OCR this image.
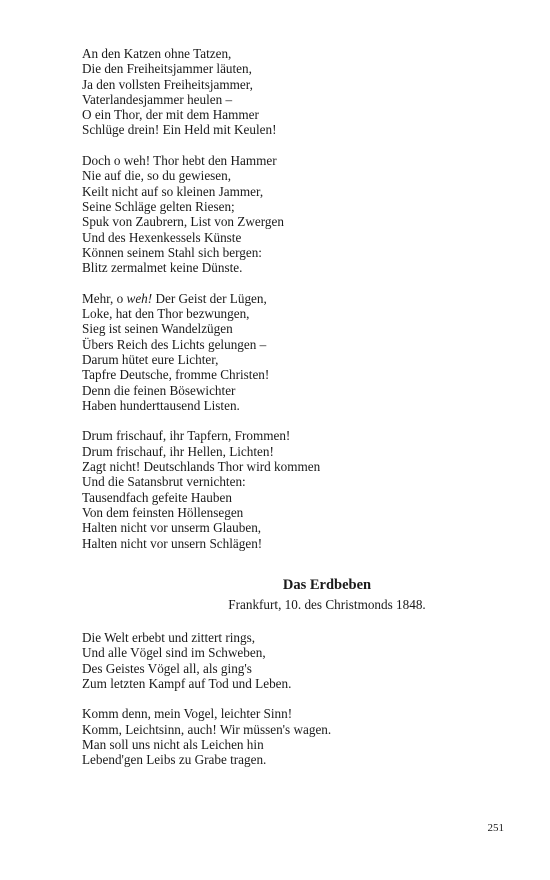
An den Katzen ohne Tatzen,
Die den Freiheitsjammer läuten,
Ja den vollsten Freiheitsjammer,
Vaterlandesjammer heulen –
O ein Thor, der mit dem Hammer
Schlüge drein! Ein Held mit Keulen!
Doch o weh! Thor hebt den Hammer
Nie auf die, so du gewiesen,
Keilt nicht auf so kleinen Jammer,
Seine Schläge gelten Riesen;
Spuk von Zaubrern, List von Zwergen
Und des Hexenkessels Künste
Können seinem Stahl sich bergen:
Blitz zermalmet keine Dünste.
Mehr, o weh! Der Geist der Lügen,
Loke, hat den Thor bezwungen,
Sieg ist seinen Wandelzügen
Übers Reich des Lichts gelungen –
Darum hütet eure Lichter,
Tapfre Deutsche, fromme Christen!
Denn die feinen Bösewichter
Haben hunderttausend Listen.
Drum frischauf, ihr Tapfern, Frommen!
Drum frischauf, ihr Hellen, Lichten!
Zagt nicht! Deutschlands Thor wird kommen
Und die Satansbrut vernichten:
Tausendfach gefeite Hauben
Von dem feinsten Höllensegen
Halten nicht vor unserm Glauben,
Halten nicht vor unsern Schlägen!
Das Erdbeben
Frankfurt, 10. des Christmonds 1848.
Die Welt erbebt und zittert rings,
Und alle Vögel sind im Schweben,
Des Geistes Vögel all, als ging's
Zum letzten Kampf auf Tod und Leben.
Komm denn, mein Vogel, leichter Sinn!
Komm, Leichtsinn, auch! Wir müssen's wagen.
Man soll uns nicht als Leichen hin
Lebend'gen Leibs zu Grabe tragen.
251
